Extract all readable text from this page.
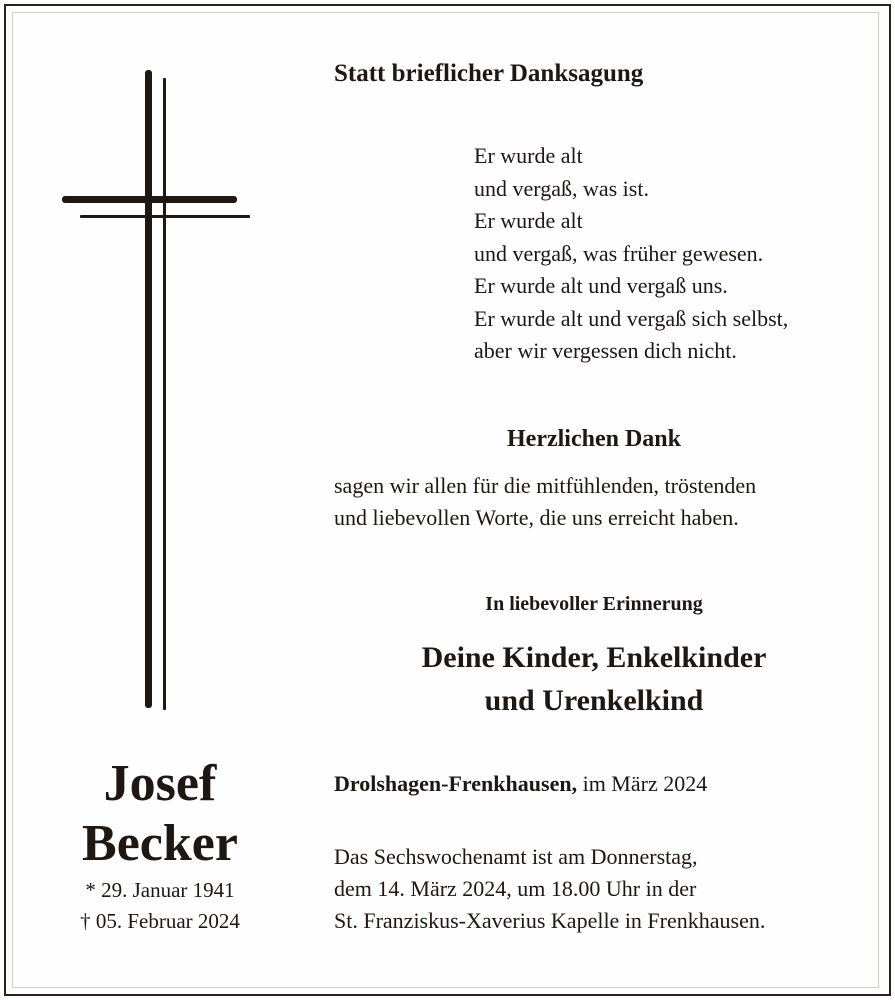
Josef
Becker
* 29. Januar 1941
† 05. Februar 2024
Statt brieflicher Danksagung
Er wurde alt
und vergaß, was ist.
Er wurde alt
und vergaß, was früher gewesen.
Er wurde alt und vergaß uns.
Er wurde alt und vergaß sich selbst,
aber wir vergessen dich nicht.
Herzlichen Dank
sagen wir allen für die mitfühlenden, tröstenden
und liebevollen Worte, die uns erreicht haben.
In liebevoller Erinnerung
Deine Kinder, Enkelkinder
und Urenkelkind
Drolshagen-Frenkhausen, im März 2024
Das Sechswochenamt ist am Donnerstag,
dem 14. März 2024, um 18.00 Uhr in der
St. Franziskus-Xaverius Kapelle in Frenkhausen.
